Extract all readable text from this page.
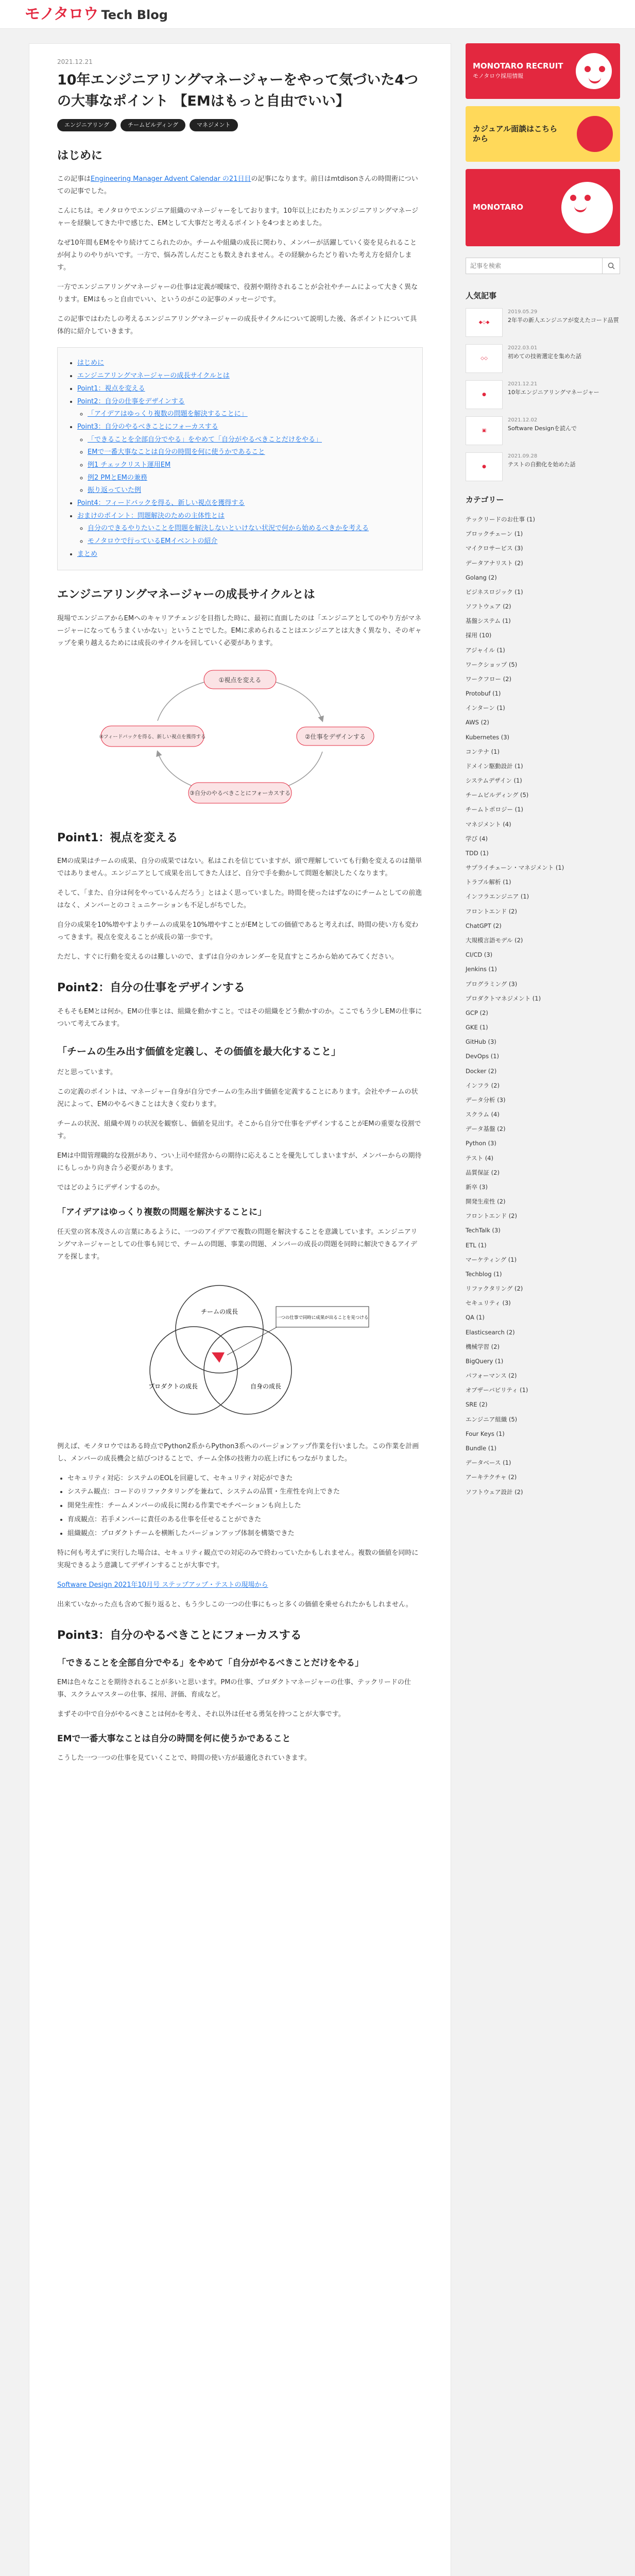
モノタロウ Tech Blog
2021.12.21
10年エンジニアリングマネージャーをやって気づいた4つの大事なポイント 【EMはもっと自由でいい】
エンジニアリング	チームビルディング	マネジメント
はじめに

この記事はEngineering Manager Advent Calendar の21日目の記事になります。前日はmtdisonさんの時間術についての記事でした。

こんにちは。モノタロウでエンジニア組織のマネージャーをしております。10年以上にわたりエンジニアリングマネージャーを経験してきた中で感じた、EMとして大事だと考えるポイントを4つまとめました。

なぜ10年間もEMをやり続けてこられたのか。チームや組織の成長に関わり、メンバーが活躍していく姿を見られることが何よりのやりがいです。一方で、悩み苦しんだことも数えきれません。その経験からたどり着いた考え方を紹介します。

一方でエンジニアリングマネージャーの仕事は定義が曖昧で、役割や期待されることが会社やチームによって大きく異なります。EMはもっと自由でいい、というのがこの記事のメッセージです。

この記事ではわたしの考えるエンジニアリングマネージャーの成長サイクルについて説明した後、各ポイントについて具体的に紹介していきます。

• はじめに
• エンジニアリングマネージャーの成長サイクルとは
• Point1：視点を変える
• Point2：自分の仕事をデザインする
◦ 「アイデアはゆっくり複数の問題を解決することに」
• Point3：自分のやるべきことにフォーカスする
◦ 「できることを全部自分でやる」をやめて「自分がやるべきことだけをやる」
◦ EMで一番大事なことは自分の時間を何に使うかであること
◦ 例1 チェックリスト運用EM
◦ 例2 PMとEMの兼務
◦ 振り返っていた例
• Point4：フィードバックを得る、新しい視点を獲得する
• おまけのポイント：問題解決のための主体性とは
◦ 自分のできるやりたいことを問題を解決しないといけない状況で何から始めるべきかを考える
◦ モノタロウで行っているEMイベントの紹介
• まとめ
エンジニアリングマネージャーの成長サイクルとは

現場でエンジニアからEMへのキャリアチェンジを目指した時に、最初に直面したのは「エンジニアとしてのやり方がマネージャーになってもうまくいかない」ということでした。EMに求められることはエンジニアとは大きく異なり、そのギャップを乗り越えるためには成長のサイクルを回していく必要があります。

①視点を変える
②仕事をデザインする
③自分のやるべきことにフォーカスする
④フィードバックを得る、新しい視点を獲得する
Point1：視点を変える

EMの成果はチームの成果、自分の成果ではない。私はこれを信じていますが、頭で理解していても行動を変えるのは簡単ではありません。エンジニアとして成果を出してきた人ほど、自分で手を動かして問題を解決したくなります。

そして、「また、自分は何をやっているんだろう」とはよく思っていました。時間を使ったはずなのにチームとしての前進はなく、メンバーとのコミュニケーションも不足しがちでした。

自分の成果を10%増やすよりチームの成果を10%増やすことがEMとしての価値であると考えれば、時間の使い方も変わってきます。視点を変えることが成長の第一歩です。

ただし、すぐに行動を変えるのは難しいので、まずは自分のカレンダーを見直すところから始めてみてください。

Point2：自分の仕事をデザインする

そもそもEMとは何か。EMの仕事とは、組織を動かすこと。ではその組織をどう動かすのか。ここでもう少しEMの仕事について考えてみます。

「チームの生み出す価値を定義し、その価値を最大化すること」

だと思っています。

この定義のポイントは、マネージャー自身が自分でチームの生み出す価値を定義することにあります。会社やチームの状況によって、EMのやるべきことは大きく変わります。

チームの状況、組織や周りの状況を観察し、価値を見出す。そこから自分で仕事をデザインすることがEMの重要な役割です。

EMは中間管理職的な役割があり、つい上司や経営からの期待に応えることを優先してしまいますが、メンバーからの期待にもしっかり向き合う必要があります。

ではどのようにデザインするのか。

「アイデアはゆっくり複数の問題を解決することに」

任天堂の宮本茂さんの言葉にあるように、一つのアイデアで複数の問題を解決することを意識しています。エンジニアリングマネージャーとしての仕事も同じで、チームの問題、事業の問題、メンバーの成長の問題を同時に解決できるアイデアを探します。

チームの成長
一つの仕事で同時に成果が出ることを見つける
プロダクトの成長	自身の成長

例えば、モノタロウではある時点でPython2系からPython3系へのバージョンアップ作業を行いました。この作業を計画し、メンバーの成長機会と結びつけることで、チーム全体の技術力の底上げにもつながりました。

• セキュリティ対応：システムのEOLを回避して、セキュリティ対応ができた
• システム観点：コードのリファクタリングを兼ねて、システムの品質・生産性を向上できた
• 開発生産性：チームメンバーの成長に関わる作業でモチベーションも向上した
• 育成観点：若手メンバーに責任のある仕事を任せることができた
• 組織観点：プロダクトチームを横断したバージョンアップ体制を構築できた

特に何も考えずに実行した場合は、セキュリティ観点での対応のみで終わっていたかもしれません。複数の価値を同時に実現できるよう意識してデザインすることが大事です。

Software Design 2021年10月号 ステップアップ・テストの現場から

出来ていなかった点も含めて振り返ると、もう少しこの一つの仕事にもっと多くの価値を乗せられたかもしれません。

Point3：自分のやるべきことにフォーカスする
「できることを全部自分でやる」をやめて「自分がやるべきことだけをやる」

EMは色々なことを期待されることが多いと思います。PMの仕事、プロダクトマネージャーの仕事、テックリードの仕事、スクラムマスターの仕事、採用、評価、育成など。

まずその中で自分がやるべきことは何かを考え、それ以外は任せる勇気を持つことが大事です。

EMで一番大事なことは自分の時間を何に使うかであること

こうした一つ一つの仕事を見ていくことで、時間の使い方が最適化されていきます。

MONOTARO RECRUIT
モノタロウ採用情報
カジュアル面談はこちらから
MONOTARO
記事を検索
人気記事
◆◇◆
2019.05.29
2年半の新人エンジニアが変えたコード品質
◇◇
2022.03.01
初めての技術選定を集めた話
●
2021.12.21
10年エンジニアリングマネージャー
▣
2021.12.02
Software Designを読んで
●
2021.09.28
テストの自動化を始めた話
カテゴリー
テックリードのお仕事 (1)
ブロックチェーン (1)
マイクロサービス (3)
データアナリスト (2)
Golang (2)
ビジネスロジック (1)
ソフトウェア (2)
基盤システム (1)
採用 (10)
アジャイル (1)
ワークショップ (5)
ワークフロー (2)
Protobuf (1)
インターン (1)
AWS (2)
Kubernetes (3)
コンテナ (1)
ドメイン駆動設計 (1)
システムデザイン (1)
チームビルディング (5)
チームトポロジー (1)
マネジメント (4)
学び (4)
TDD (1)
サプライチェーン・マネジメント (1)
トラブル解析 (1)
インフラエンジニア (1)
フロントエンド (2)
ChatGPT (2)
大規模言語モデル (2)
CI/CD (3)
Jenkins (1)
プログラミング (3)
プロダクトマネジメント (1)
GCP (2)
GKE (1)
GitHub (3)
DevOps (1)
Docker (2)
インフラ (2)
データ分析 (3)
スクラム (4)
データ基盤 (2)
Python (3)
テスト (4)
品質保証 (2)
新卒 (3)
開発生産性 (2)
フロントエンド (2)
TechTalk (3)
ETL (1)
マーケティング (1)
Techblog (1)
リファクタリング (2)
セキュリティ (3)
QA (1)
Elasticsearch (2)
機械学習 (2)
BigQuery (1)
パフォーマンス (2)
オブザーバビリティ (1)
SRE (2)
エンジニア組織 (5)
Four Keys (1)
Bundle (1)
データベース (1)
アーキテクチャ (2)
ソフトウェア設計 (2)
